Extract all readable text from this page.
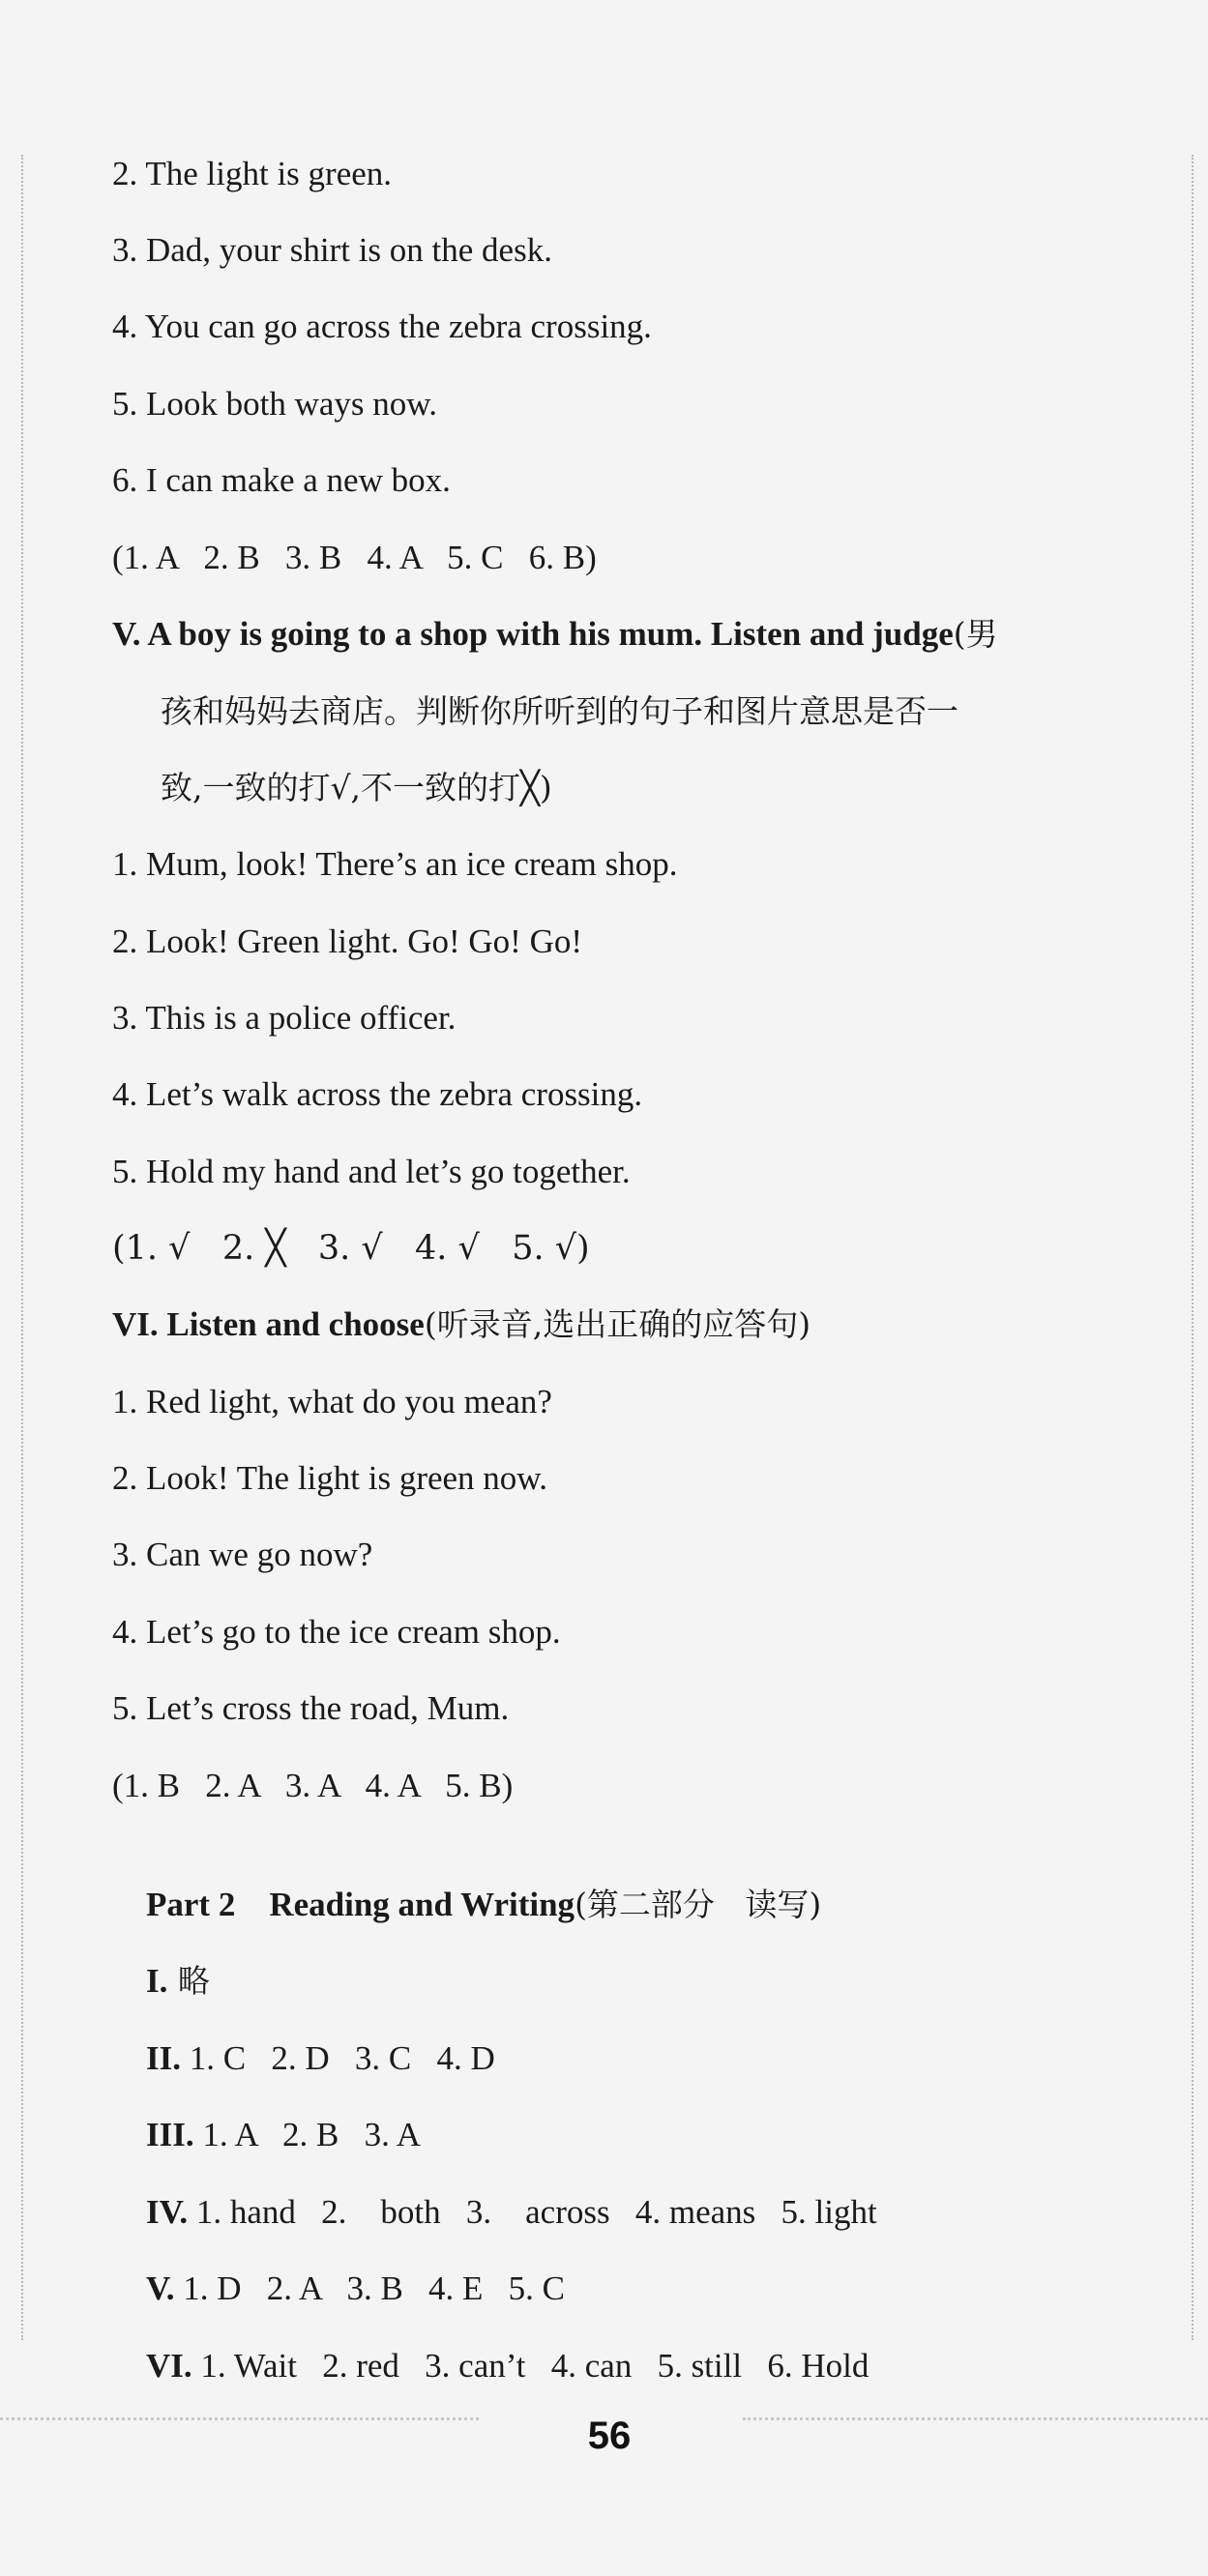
2. The light is green.
3. Dad, your shirt is on the desk.
4. You can go across the zebra crossing.
5. Look both ways now.
6. I can make a new box.
(1. A   2. B   3. B   4. A   5. C   6. B)
V. A boy is going to a shop with his mum. Listen and judge(男
孩和妈妈去商店。判断你所听到的句子和图片意思是否一
致,一致的打√,不一致的打╳)
1. Mum, look! There’s an ice cream shop.
2. Look! Green light. Go! Go! Go!
3. This is a police officer.
4. Let’s walk across the zebra crossing.
5. Hold my hand and let’s go together.
(1. √   2. ╳   3. √   4. √   5. √)
VI. Listen and choose(听录音,选出正确的应答句)
1. Red light, what do you mean?
2. Look! The light is green now.
3. Can we go now?
4. Let’s go to the ice cream shop.
5. Let’s cross the road, Mum.
(1. B   2. A   3. A   4. A   5. B)

Part 2    Reading and Writing(第二部分   读写)

I. 略

II. 1. C   2. D   3. C   4. D

III. 1. A   2. B   3. A

IV. 1. hand   2.    both   3.    across   4. means   5. light

V. 1. D   2. A   3. B   4. E   5. C

VI. 1. Wait   2. red   3. can’t   4. can   5. still   6. Hold

56
